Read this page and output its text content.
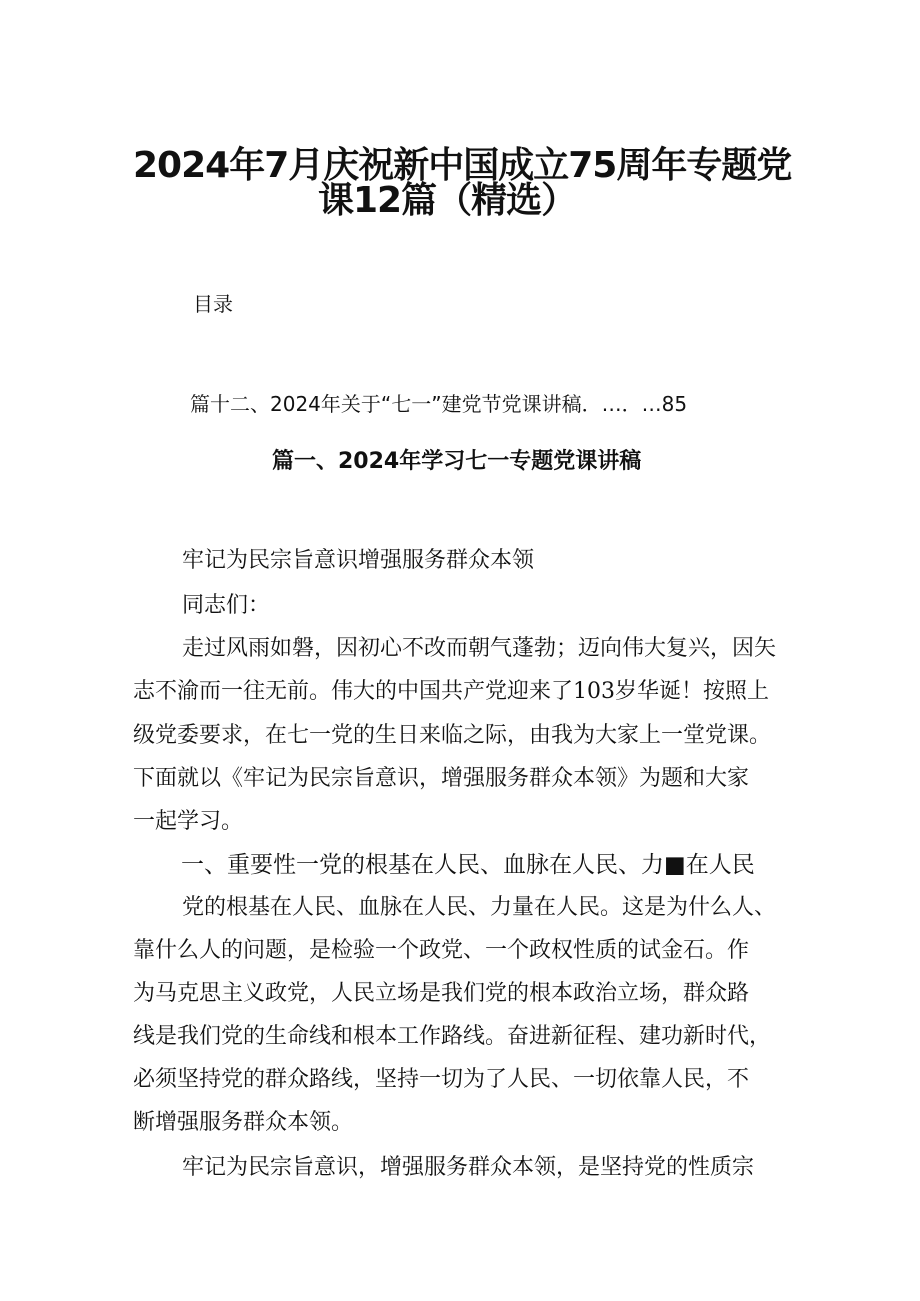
2024年7月庆祝新中国成立75周年专题党
课12篇（精选）
目录
篇十二、2024年关于“七一”建党节党课讲稿．…．…85
篇一、2024年学习七一专题党课讲稿
牢记为民宗旨意识增强服务群众本领
同志们：
走过风雨如磐，因初心不改而朝气蓬勃；迈向伟大复兴，因矢
志不渝而一往无前。伟大的中国共产党迎来了103岁华诞！按照上
级党委要求，在七一党的生日来临之际，由我为大家上一堂党课。
下面就以《牢记为民宗旨意识，增强服务群众本领》为题和大家
一起学习。
一、重要性一党的根基在人民、血脉在人民、力■在人民
党的根基在人民、血脉在人民、力量在人民。这是为什么人、
靠什么人的问题，是检验一个政党、一个政权性质的试金石。作
为马克思主义政党，人民立场是我们党的根本政治立场，群众路
线是我们党的生命线和根本工作路线。奋进新征程、建功新时代，
必须坚持党的群众路线，坚持一切为了人民、一切依靠人民，不
断增强服务群众本领。
牢记为民宗旨意识，增强服务群众本领，是坚持党的性质宗
